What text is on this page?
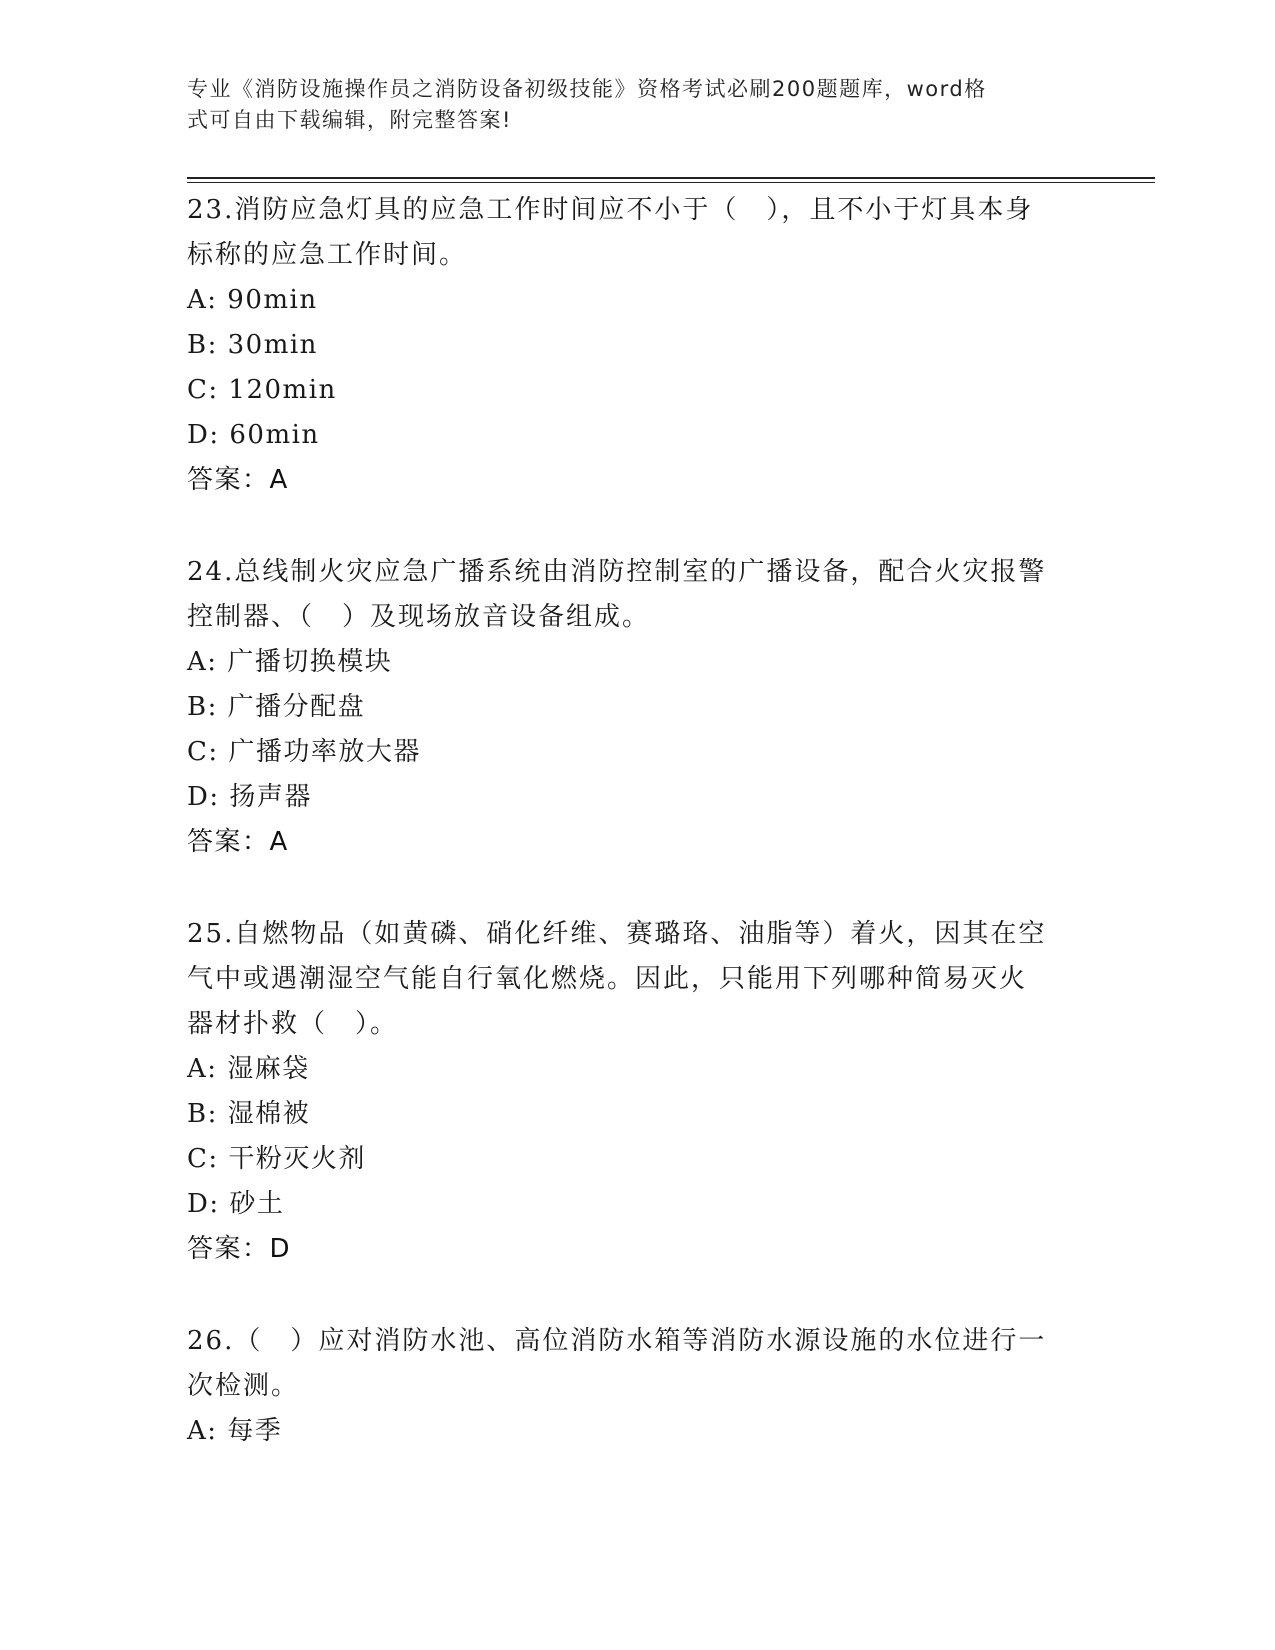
专业《消防设施操作员之消防设备初级技能》资格考试必刷200题题库，word格
式可自由下载编辑，附完整答案!

23.消防应急灯具的应急工作时间应不小于（　），且不小于灯具本身

标称的应急工作时间。

A: 90min

B: 30min

C: 120min

D: 60min

答案：A

24.总线制火灾应急广播系统由消防控制室的广播设备，配合火灾报警

控制器、（　）及现场放音设备组成。

A: 广播切换模块

B: 广播分配盘

C: 广播功率放大器

D: 扬声器

答案：A

25.自燃物品（如黄磷、硝化纤维、赛璐珞、油脂等）着火，因其在空

气中或遇潮湿空气能自行氧化燃烧。因此，只能用下列哪种简易灭火

器材扑救（　）。

A: 湿麻袋

B: 湿棉被

C: 干粉灭火剂

D: 砂土

答案：D

26.（　）应对消防水池、高位消防水箱等消防水源设施的水位进行一

次检测。

A: 每季
